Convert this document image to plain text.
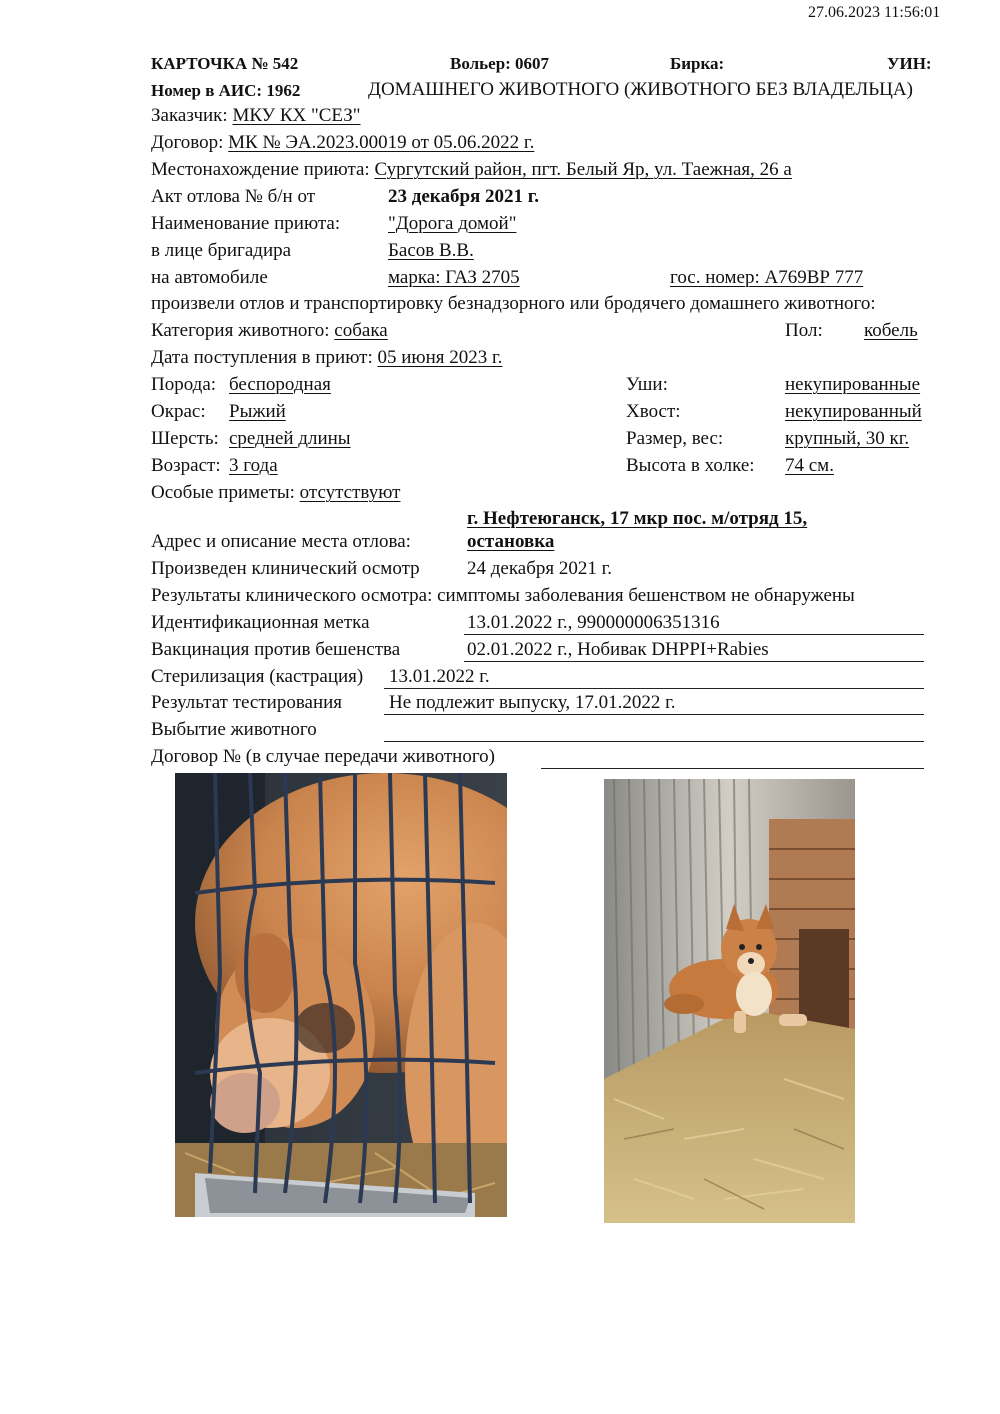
27.06.2023 11:56:01
КАРТОЧКА № 542	Вольер: 0607	Бирка:	УИН:
Номер в АИС: 1962	ДОМАШНЕГО ЖИВОТНОГО (ЖИВОТНОГО БЕЗ ВЛАДЕЛЬЦА)
Заказчик: МКУ КХ "СЕЗ"
Договор: МК № ЭА.2023.00019 от 05.06.2022 г.
Местонахождение приюта: Сургутский район, пгт. Белый Яр, ул. Таежная, 26 а
Акт отлова № б/н от	23 декабря 2021 г.
Наименование приюта:	"Дорога домой"
в лице бригадира	Басов В.В.
на автомобиле	марка: ГАЗ 2705	гос. номер: А769ВР 777
произвели отлов и транспортировку безнадзорного или бродячего домашнего животного:
Категория животного: собака	Пол: кобель
Дата поступления в приют: 05 июня 2023 г.
Порода: беспородная	Уши:	некупированные
Окрас: Рыжий	Хвост:	некупированный
Шерсть: средней длины	Размер, вес:	крупный, 30 кг.
Возраст: 3 года	Высота в холке: 74 см.
Особые приметы: отсутствуют
г. Нефтеюганск, 17 мкр пос. м/отряд 15,
Адрес и описание места отлова:	остановка
Произведен клинический осмотр 24 декабря 2021 г.
Результаты клинического осмотра: симптомы заболевания бешенством не обнаружены
Идентификационная метка	13.01.2022 г., 990000006351316
Вакцинация против бешенства	02.01.2022 г., Нобивак DHPPI+Rabies
Стерилизация (кастрация) 13.01.2022 г.
Результат тестирования Не подлежит выпуску, 17.01.2022 г.
Выбытие животного
Договор № (в случае передачи животного)
